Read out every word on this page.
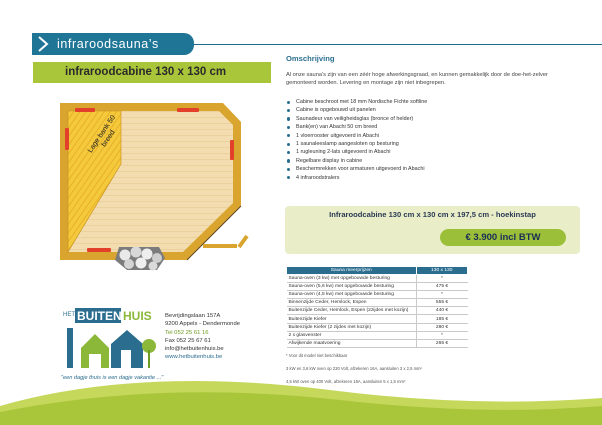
infraroodsauna’s
infraroodcabine 130 x 130 cm
Lage bank 50 breed
HET BUITEN HUIS
"een dagje thuis is een dagje vakantie ..."
Bevrijdingslaan 157A
9200 Appels - Dendermonde
Tel 052 25 61 16
Fax 052 25 67 61
info@hetbuitenhuis.be
www.hetbuitenhuis.be
Omschrijving
Al onze sauna's zijn van een zéér hoge afwerkingsgraad, en kunnen gemakkelijk door de doe-het-zelver gemonteerd worden. Levering en montage zijn niet inbegrepen.
Cabine beschroot met 18 mm Nordische Fichte softline
Cabine is opgebouwd uit panelen
Saunadeur van veiligheidsglas (bronce of helder)
Bank(en) van Abachi 50 cm breed
1 vloerrooster uitgevoerd in Abachi
1 saunaleeslamp aangesloten op besturing
1 rugleuning 2-lats uitgevoerd in Abachi
Regelbare display in cabine
Beschermrekken voor armaturen uitgevoerd in Abachi
4 infraroodstralers
Infraroodcabine 130 cm x 130 cm x 197,5 cm - hoekinstap
€ 3.900 incl BTW
Sauna meerprijzen	130 x 130
Sauna-oven (3 kw) met opgebouwde besturing	*
Sauna-oven (5,6 kw) met opgebouwde besturing	475 €
Sauna-oven (4,5 kw) met opgebouwde besturing	*
Binnenzijde Ceder, Hemlock, Espen	555 €
Buitenzijde Ceder, Hemlock, Espen (2zijdes met kozijn)	440 €
Buitenzijde Kiefer	185 €
Buitenzijde Kiefer (2 zijdes met kozijn)	280 €
2 x glasvenster	*
Afwijkende maatvoering	265 €
* Voor dit model niet beschikbaar
3 kW en 3,6 kW oven op 230 Volt, afzekeren 16A, aansluiten 3 x 2,5 mm²
4,5 kW oven op 400 Volt, afzekeren 16A, aansluiten 5 x 1,5 mm²
